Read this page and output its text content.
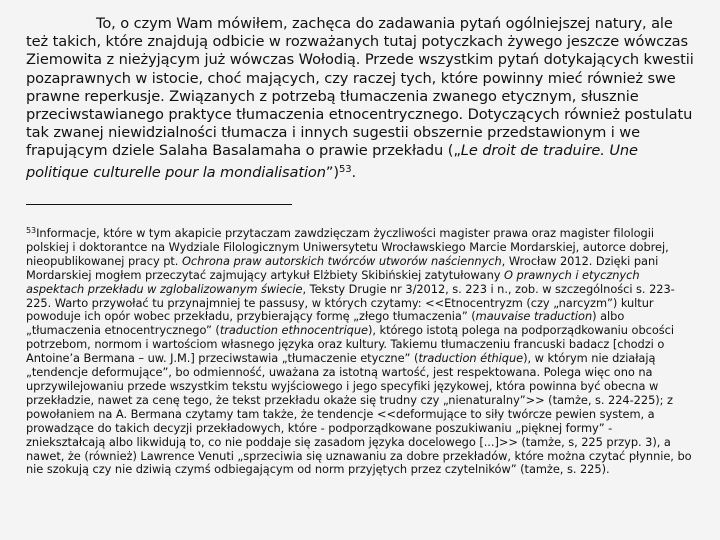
To, o czym Wam mówiłem, zachęca do zadawania pytań ogólniejszej natury, ale też takich, które znajdują odbicie w rozważanych tutaj potyczkach żywego jeszcze wówczas Ziemowita z nieżyjącym już wówczas Wołodią. Przede wszystkim pytań dotykających kwestii pozaprawnych w istocie, choć mających, czy raczej tych, które powinny mieć również swe prawne reperkusje. Związanych z potrzebą tłumaczenia zwanego etycznym, słusznie przeciwstawianego praktyce tłumaczenia etnocentrycznego. Dotyczących również postulatu tak zwanej niewidzialności tłumacza i innych sugestii obszernie przedstawionym i we frapującym dziele Salaha Basalamaha o prawie przekładu („Le droit de traduire. Une politique culturelle pour la mondialisation”)$^{53}$.
$^{53}$Informacje, które w tym akapicie przytaczam zawdzięczam życzliwości magister prawa oraz magister filologii polskiej i doktorantce na Wydziale Filologicznym Uniwersytetu Wrocławskiego Marcie Mordarskiej, autorce dobrej, nieopublikowanej pracy pt. Ochrona praw autorskich twórców utworów naściennych, Wrocław 2012. Dzięki pani Mordarskiej mogłem przeczytać zajmujący artykuł Elżbiety Skibińskiej zatytułowany O prawnych i etycznych aspektach przekładu w zglobalizowanym świecie, Teksty Drugie nr 3/2012, s. 223 i n., zob. w szczególności s. 223-225. Warto przywołać tu przynajmniej te passusy, w których czytamy: <<Etnocentryzm (czy „narcyzm”) kultur powoduje ich opór wobec przekładu, przybierający formę „złego tłumaczenia” (mauvaise traduction) albo „tłumaczenia etnocentrycznego” (traduction ethnocentrique), którego istotą polega na podporządkowaniu obcości potrzebom, normom i wartościom własnego języka oraz kultury. Takiemu tłumaczeniu francuski badacz [chodzi o Antoine’a Bermana – uw. J.M.] przeciwstawia „tłumaczenie etyczne” (traduction éthique), w którym nie działają „tendencje deformujące”, bo odmienność, uważana za istotną wartość, jest respektowana. Polega więc ono na uprzywilejowaniu przede wszystkim tekstu wyjściowego i jego specyfiki językowej, która powinna być obecna w przekładzie, nawet za cenę tego, że tekst przekładu okaże się trudny czy „nienaturalny”>> (tamże, s. 224-225); z powołaniem na A. Bermana czytamy tam także, że tendencje <<deformujące to siły twórcze pewien system, a prowadzące do takich decyzji przekładowych, które - podporządkowane poszukiwaniu „pięknej formy” - zniekształcają albo likwidują to, co nie poddaje się zasadom języka docelowego [...]>> (tamże, s, 225 przyp. 3), a nawet, że (również) Lawrence Venuti „sprzeciwia się uznawaniu za dobre przekładów, które można czytać płynnie, bo nie szokują czy nie dziwią czymś odbiegającym od norm przyjętych przez czytelników” (tamże, s. 225).
